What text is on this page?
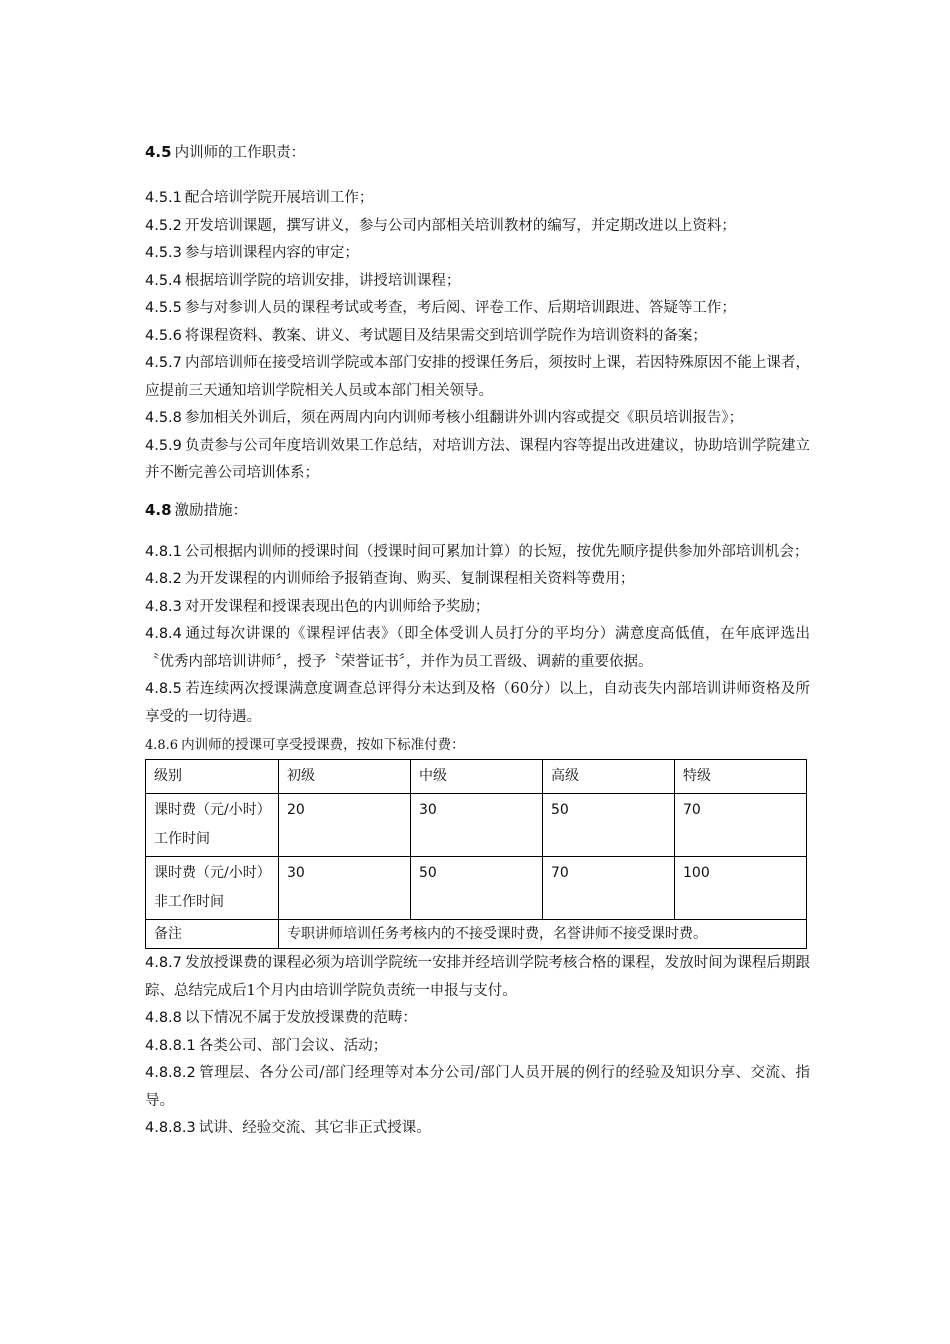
4.5 内训师的工作职责：

4.5.1 配合培训学院开展培训工作；

4.5.2 开发培训课题，撰写讲义，参与公司内部相关培训教材的编写，并定期改进以上资料；

4.5.3 参与培训课程内容的审定；

4.5.4 根据培训学院的培训安排，讲授培训课程；

4.5.5 参与对参训人员的课程考试或考查，考后阅、评卷工作、后期培训跟进、答疑等工作；

4.5.6 将课程资料、教案、讲义、考试题目及结果需交到培训学院作为培训资料的备案；

4.5.7 内部培训师在接受培训学院或本部门安排的授课任务后，须按时上课，若因特殊原因不能上课者，应提前三天通知培训学院相关人员或本部门相关领导。

4.5.8 参加相关外训后，须在两周内向内训师考核小组翻讲外训内容或提交《职员培训报告》；

4.5.9 负责参与公司年度培训效果工作总结，对培训方法、课程内容等提出改进建议，协助培训学院建立并不断完善公司培训体系；

4.8 激励措施：

4.8.1 公司根据内训师的授课时间（授课时间可累加计算）的长短，按优先顺序提供参加外部培训机会；

4.8.2 为开发课程的内训师给予报销查询、购买、复制课程相关资料等费用；

4.8.3 对开发课程和授课表现出色的内训师给予奖励；

4.8.4 通过每次讲课的《课程评估表》（即全体受训人员打分的平均分）满意度高低值，在年底评选出〝优秀内部培训讲师〞，授予〝荣誉证书〞，并作为员工晋级、调薪的重要依据。

4.8.5 若连续两次授课满意度调查总评得分未达到及格（60分）以上，自动丧失内部培训讲师资格及所享受的一切待遇。

4.8.6 内训师的授课可享受授课费，按如下标准付费：

级别	初级	中级	高级	特级
课时费（元/小时）工作时间	20	30	50	70
课时费（元/小时）非工作时间	30	50	70	100
备注	专职讲师培训任务考核内的不接受课时费，名誉讲师不接受课时费。			

4.8.7 发放授课费的课程必须为培训学院统一安排并经培训学院考核合格的课程，发放时间为课程后期跟踪、总结完成后1个月内由培训学院负责统一申报与支付。

4.8.8 以下情况不属于发放授课费的范畴：

4.8.8.1 各类公司、部门会议、活动；

4.8.8.2 管理层、各分公司/部门经理等对本分公司/部门人员开展的例行的经验及知识分享、交流、指导。

4.8.8.3 试讲、经验交流、其它非正式授课。
